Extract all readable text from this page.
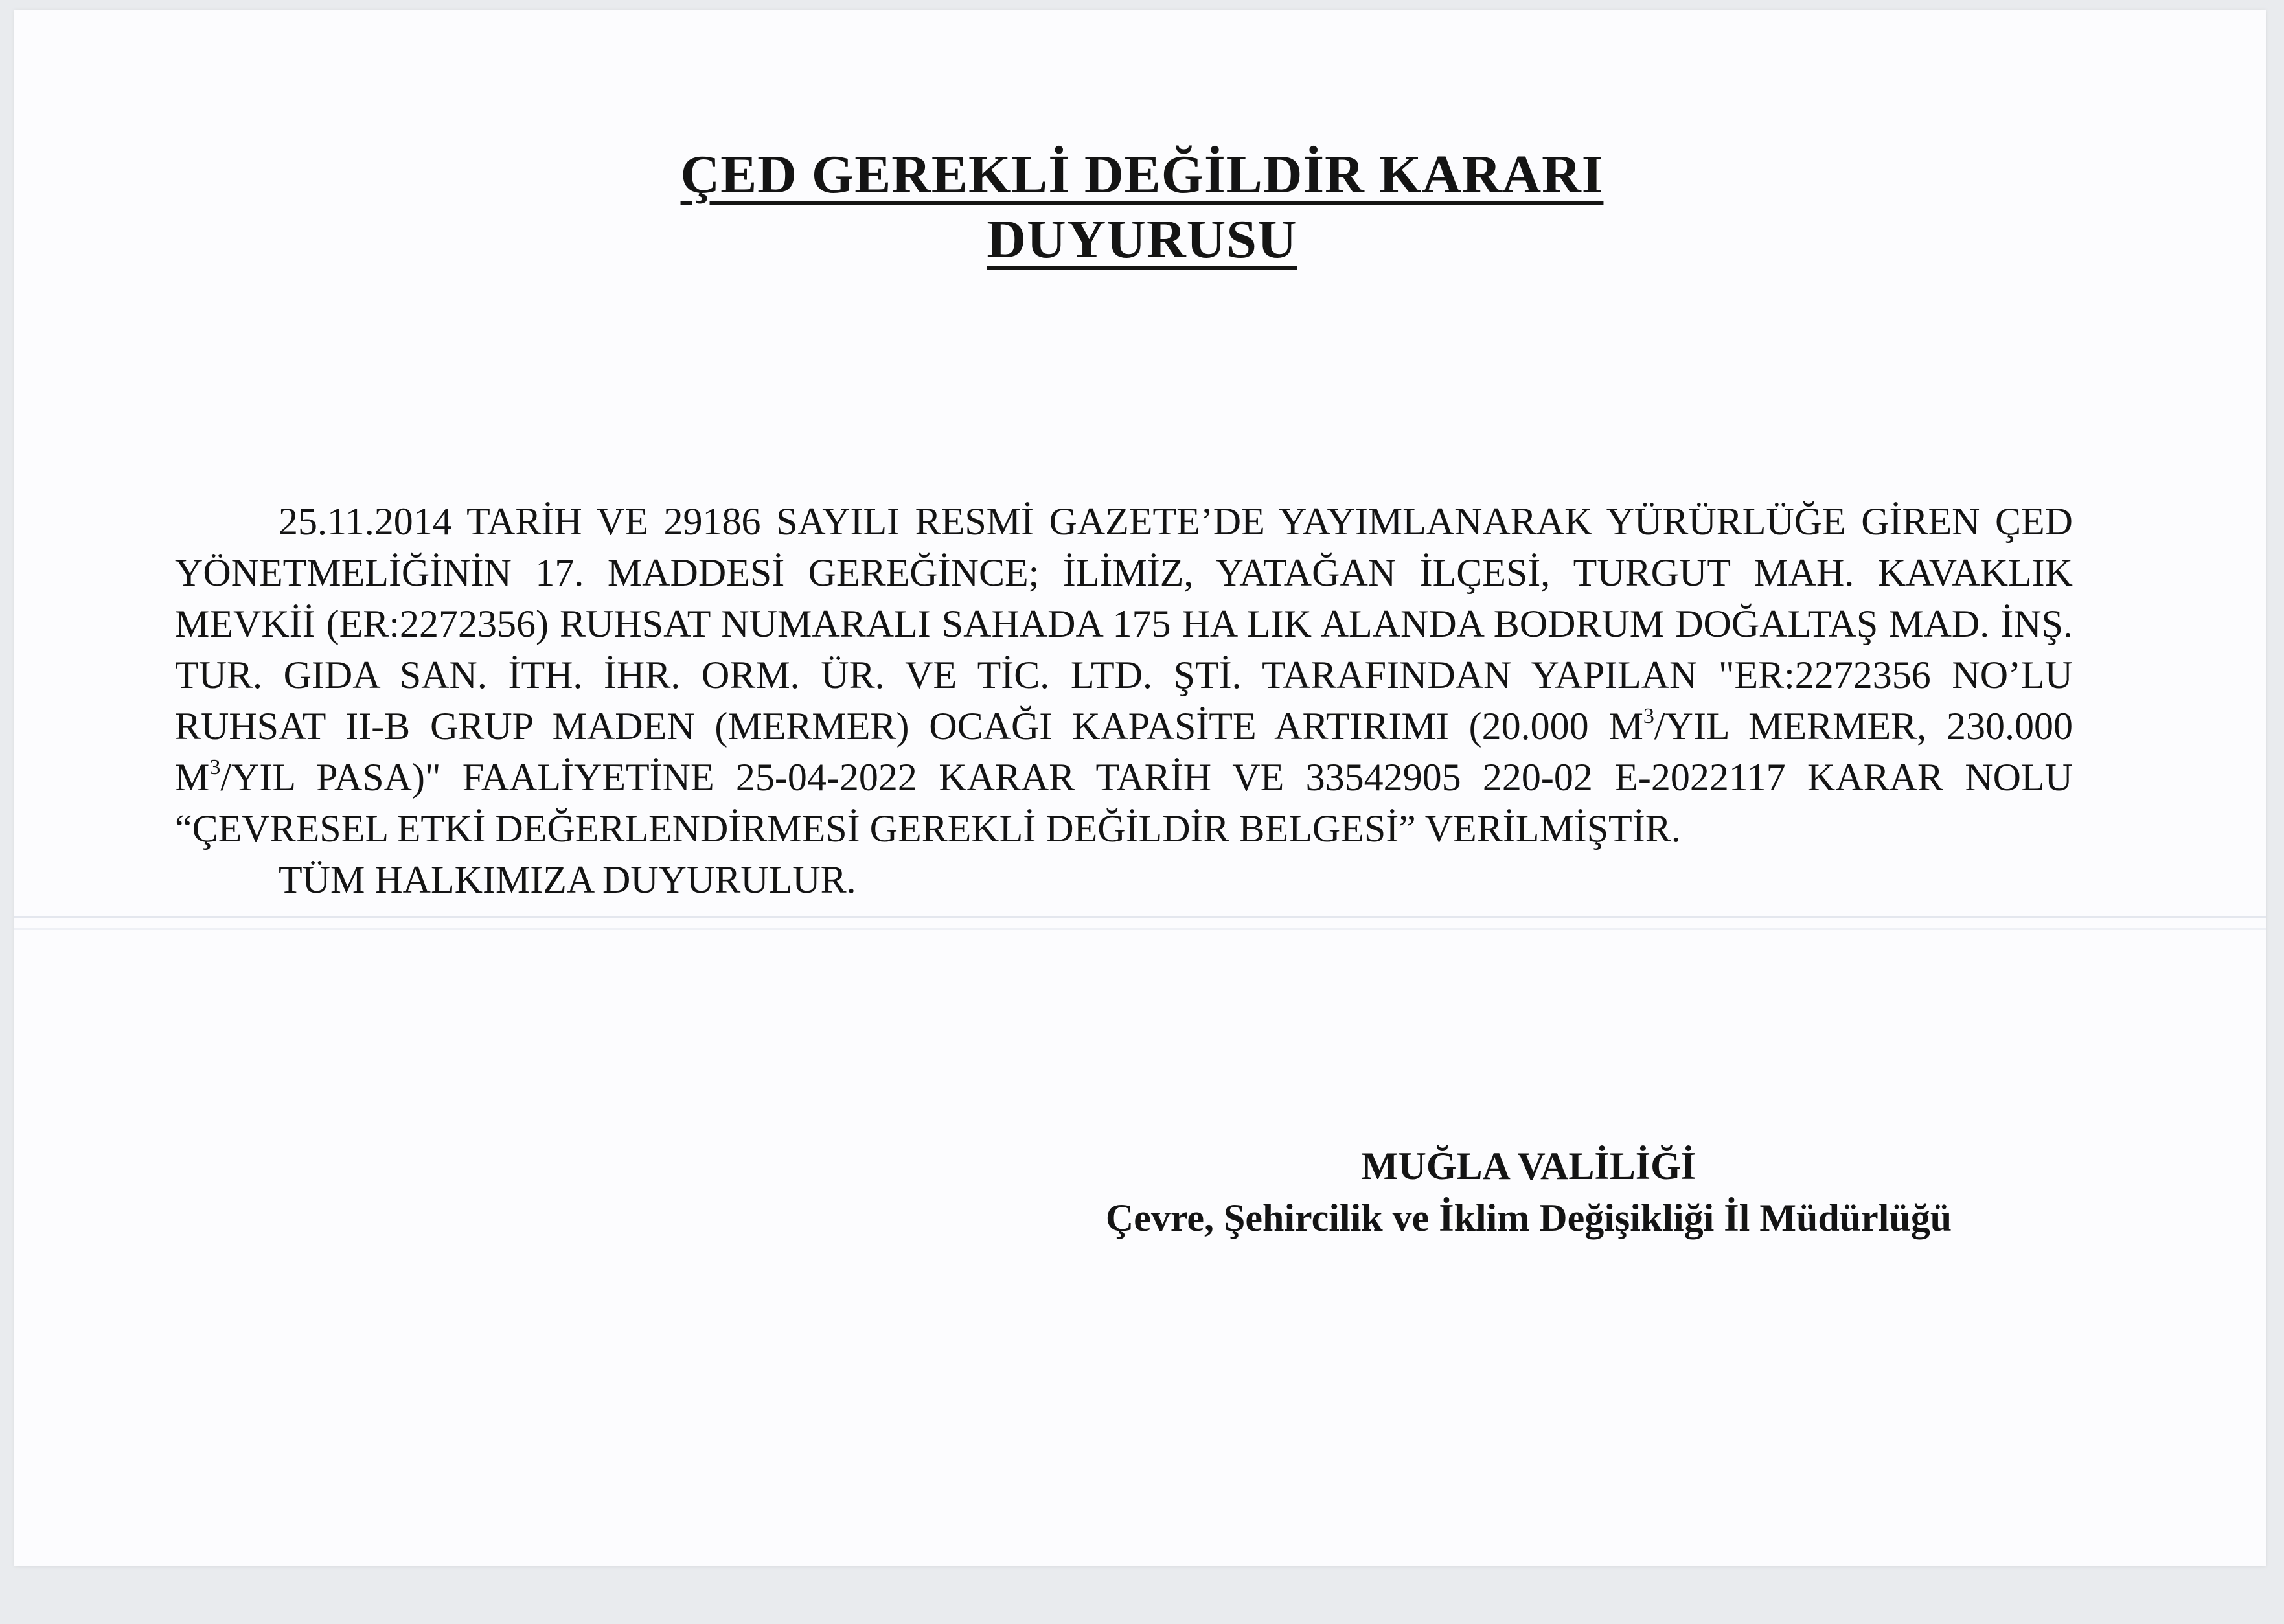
ÇED GEREKLİ DEĞİLDİR KARARI
DUYURUSU

25.11.2014 TARİH VE 29186 SAYILI RESMİ GAZETE’DE YAYIMLANARAK YÜRÜRLÜĞE GİREN ÇED YÖNETMELİĞİNİN 17. MADDESİ GEREĞİNCE; İLİMİZ, YATAĞAN İLÇESİ, TURGUT MAH. KAVAKLIK MEVKİİ (ER:2272356) RUHSAT NUMARALI SAHADA 175 HA LIK ALANDA BODRUM DOĞALTAŞ MAD. İNŞ. TUR. GIDA SAN. İTH. İHR. ORM. ÜR. VE TİC. LTD. ŞTİ. TARAFINDAN YAPILAN "ER:2272356 NO’LU RUHSAT II-B GRUP MADEN (MERMER) OCAĞI KAPASİTE ARTIRIMI (20.000 $M^3$/YIL MERMER, 230.000 $M^3$/YIL PASA)" FAALİYETİNE 25-04-2022 KARAR TARİH VE 33542905 220-02 E-2022117 KARAR NOLU “ÇEVRESEL ETKİ DEĞERLENDİRMESİ GEREKLİ DEĞİLDİR BELGESİ” VERİLMİŞTİR.

TÜM HALKIMIZA DUYURULUR.

MUĞLA VALİLİĞİ
Çevre, Şehircilik ve İklim Değişikliği İl Müdürlüğü
